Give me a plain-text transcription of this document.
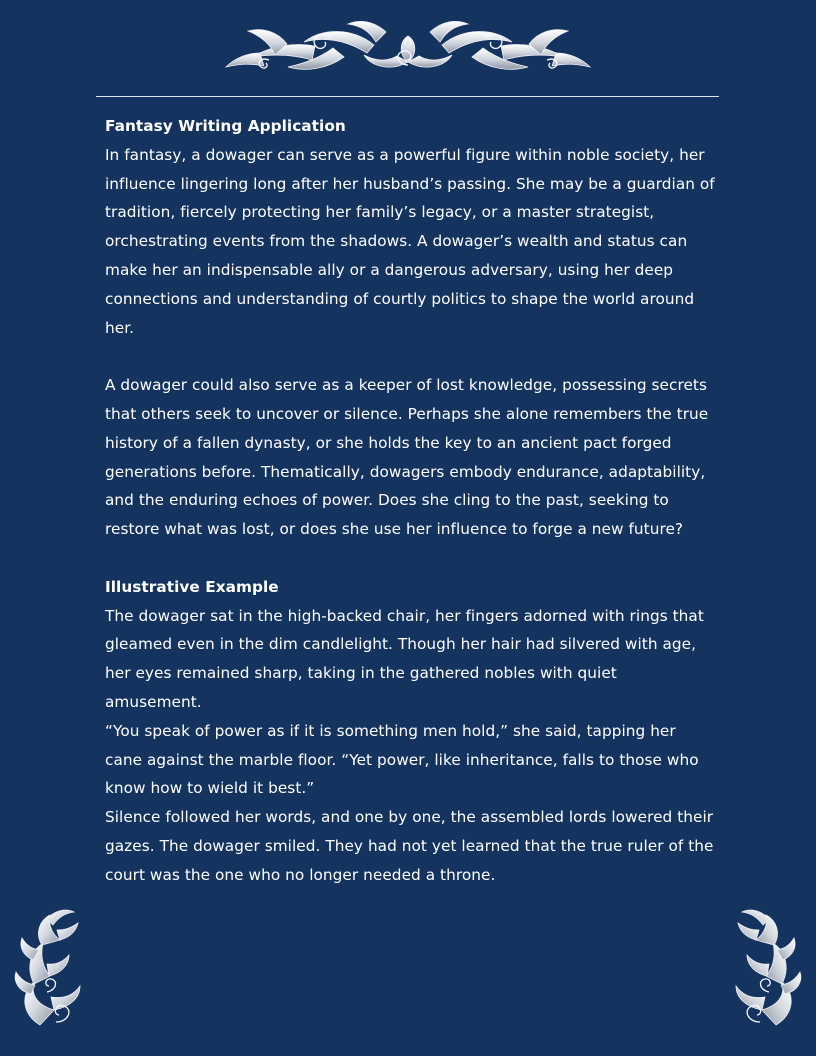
Fantasy Writing Application
In fantasy, a dowager can serve as a powerful figure within noble society, her influence lingering long after her husband’s passing. She may be a guardian of tradition, fiercely protecting her family’s legacy, or a master strategist, orchestrating events from the shadows. A dowager’s wealth and status can make her an indispensable ally or a dangerous adversary, using her deep connections and understanding of courtly politics to shape the world around her.
A dowager could also serve as a keeper of lost knowledge, possessing secrets that others seek to uncover or silence. Perhaps she alone remembers the true history of a fallen dynasty, or she holds the key to an ancient pact forged generations before. Thematically, dowagers embody endurance, adaptability, and the enduring echoes of power. Does she cling to the past, seeking to restore what was lost, or does she use her influence to forge a new future?
Illustrative Example
The dowager sat in the high-backed chair, her fingers adorned with rings that gleamed even in the dim candlelight. Though her hair had silvered with age, her eyes remained sharp, taking in the gathered nobles with quiet amusement.
“You speak of power as if it is something men hold,” she said, tapping her cane against the marble floor. “Yet power, like inheritance, falls to those who know how to wield it best.”
Silence followed her words, and one by one, the assembled lords lowered their gazes. The dowager smiled. They had not yet learned that the true ruler of the court was the one who no longer needed a throne.
